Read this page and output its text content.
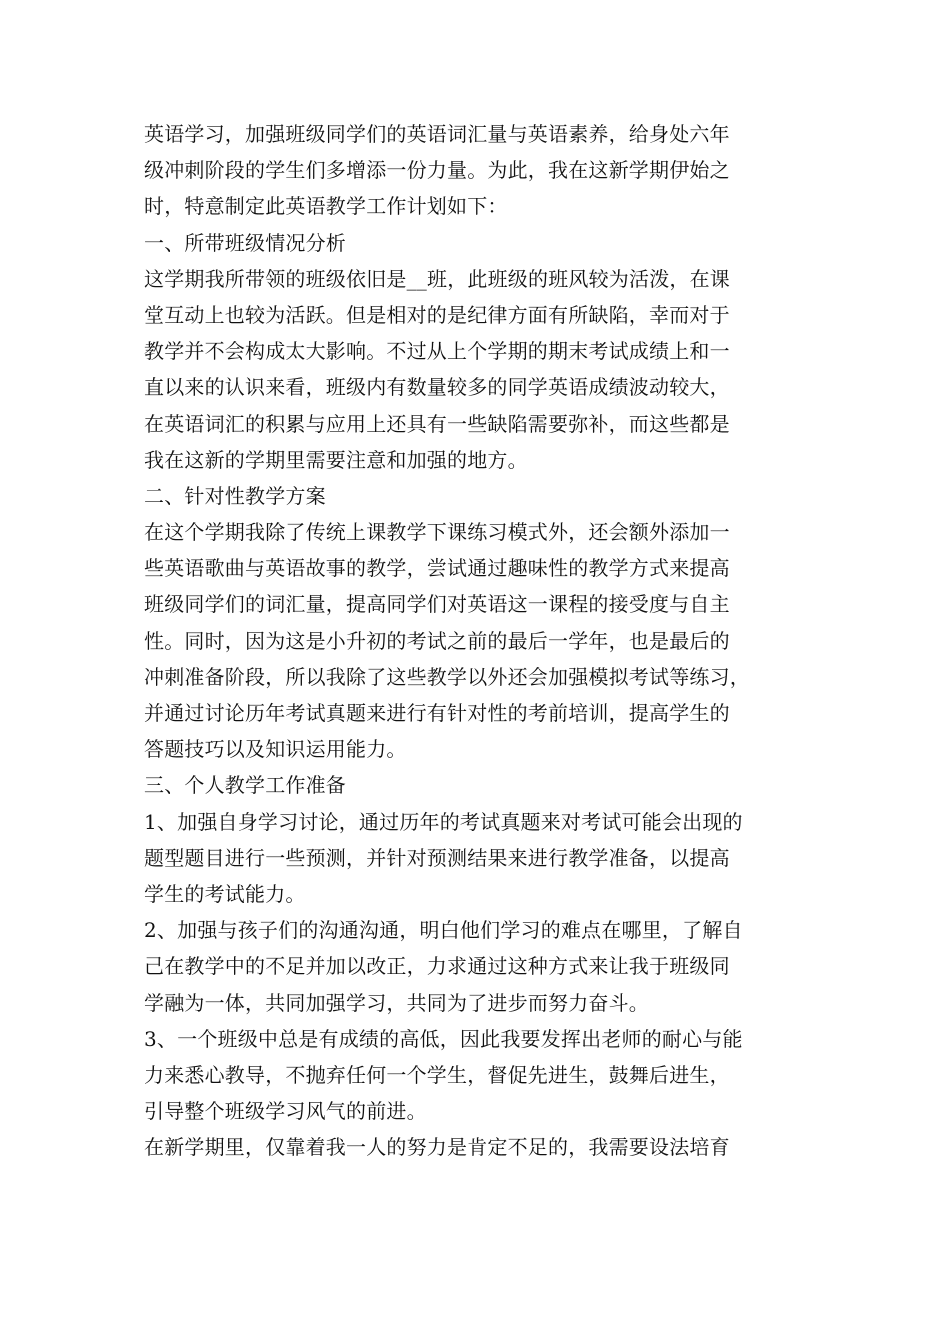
英语学习，加强班级同学们的英语词汇量与英语素养，给身处六年
级冲刺阶段的学生们多增添一份力量。为此，我在这新学期伊始之
时，特意制定此英语教学工作计划如下：
一、所带班级情况分析
这学期我所带领的班级依旧是__班，此班级的班风较为活泼，在课
堂互动上也较为活跃。但是相对的是纪律方面有所缺陷，幸而对于
教学并不会构成太大影响。不过从上个学期的期末考试成绩上和一
直以来的认识来看，班级内有数量较多的同学英语成绩波动较大，
在英语词汇的积累与应用上还具有一些缺陷需要弥补，而这些都是
我在这新的学期里需要注意和加强的地方。
二、针对性教学方案
在这个学期我除了传统上课教学下课练习模式外，还会额外添加一
些英语歌曲与英语故事的教学，尝试通过趣味性的教学方式来提高
班级同学们的词汇量，提高同学们对英语这一课程的接受度与自主
性。同时，因为这是小升初的考试之前的最后一学年，也是最后的
冲刺准备阶段，所以我除了这些教学以外还会加强模拟考试等练习，
并通过讨论历年考试真题来进行有针对性的考前培训，提高学生的
答题技巧以及知识运用能力。
三、个人教学工作准备
1、加强自身学习讨论，通过历年的考试真题来对考试可能会出现的
题型题目进行一些预测，并针对预测结果来进行教学准备，以提高
学生的考试能力。
2、加强与孩子们的沟通沟通，明白他们学习的难点在哪里，了解自
己在教学中的不足并加以改正，力求通过这种方式来让我于班级同
学融为一体，共同加强学习，共同为了进步而努力奋斗。
3、一个班级中总是有成绩的高低，因此我要发挥出老师的耐心与能
力来悉心教导，不抛弃任何一个学生，督促先进生，鼓舞后进生，
引导整个班级学习风气的前进。
在新学期里，仅靠着我一人的努力是肯定不足的，我需要设法培育
